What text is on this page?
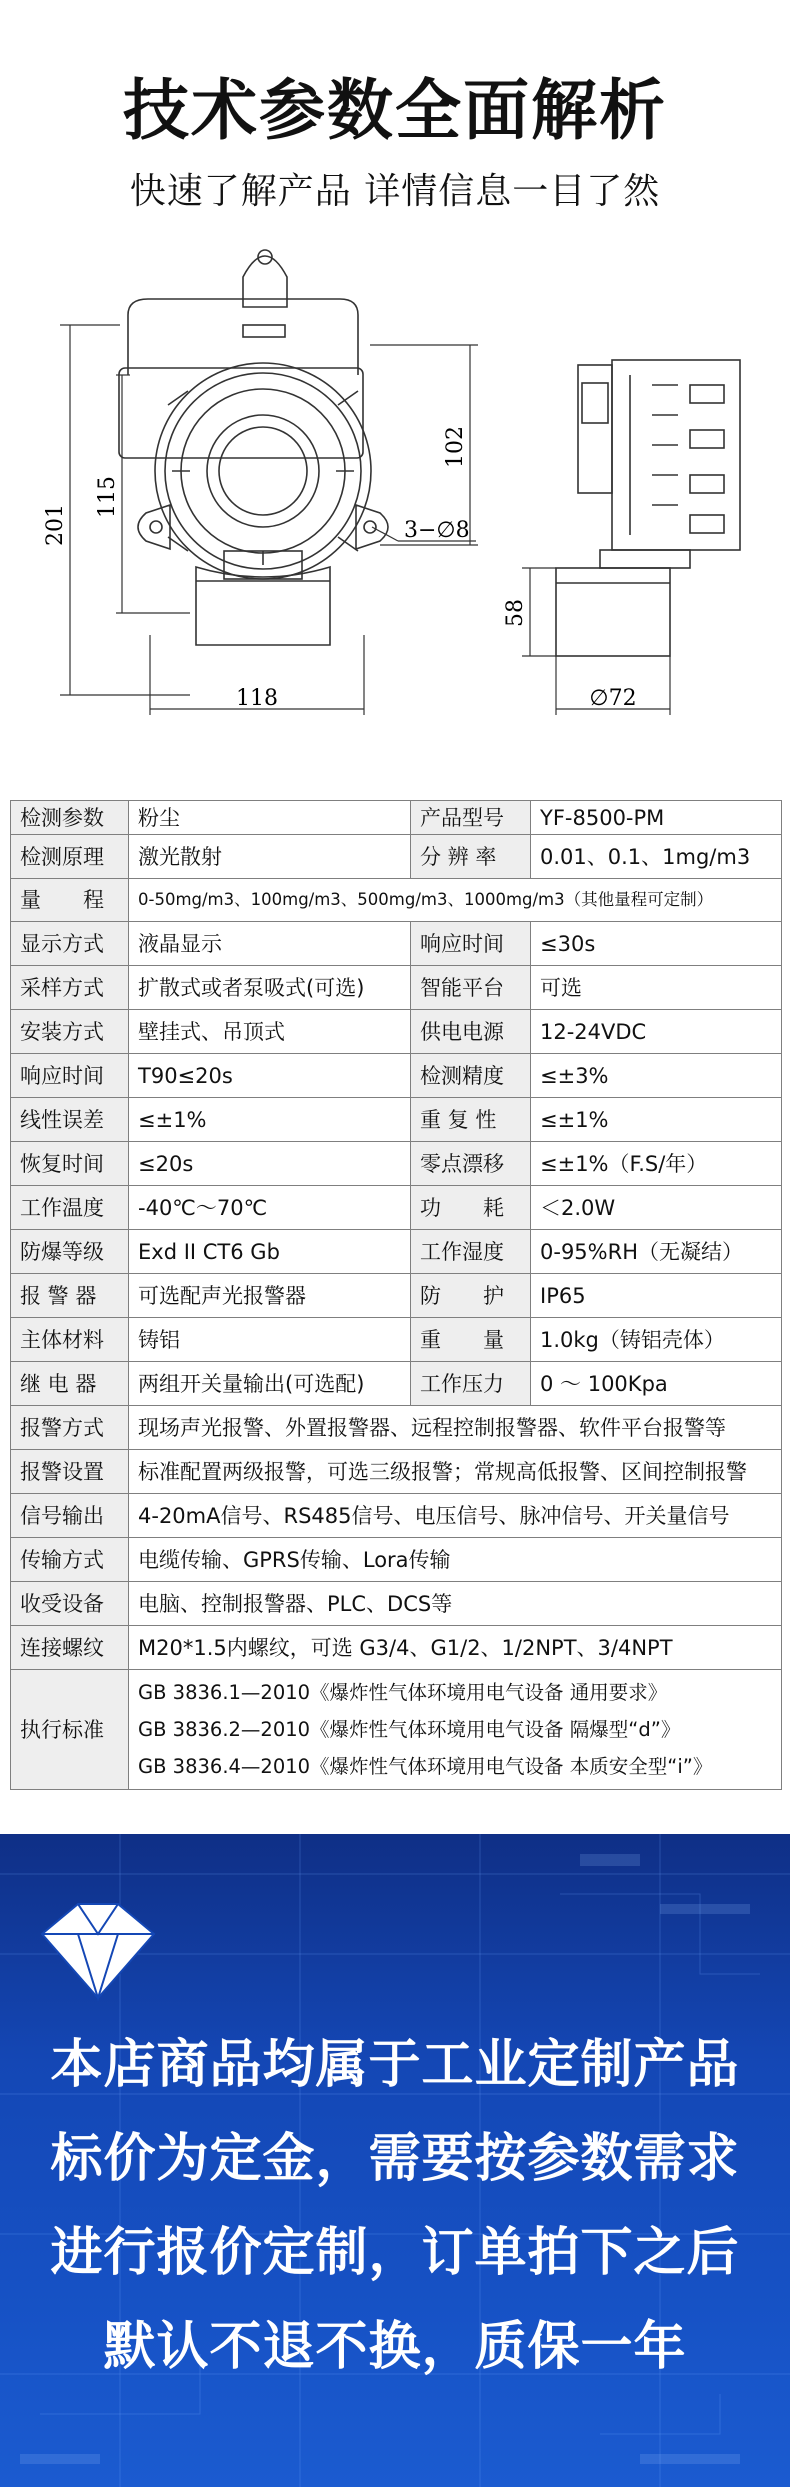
技术参数全面解析
快速了解产品 详情信息一目了然
201
115
102
118
3−∅8
58
∅72
检测参数	粉尘	产品型号	YF-8500-PM
检测原理	激光散射	分 辨 率	0.01、0.1、1mg/m3
量　　程	0-50mg/m3、100mg/m3、500mg/m3、1000mg/m3（其他量程可定制）		
显示方式	液晶显示	响应时间	≤30s
采样方式	扩散式或者泵吸式(可选)	智能平台	可选
安装方式	壁挂式、吊顶式	供电电源	12-24VDC
响应时间	T90≤20s	检测精度	≤±3%
线性误差	≤±1%	重 复 性	≤±1%
恢复时间	≤20s	零点漂移	≤±1%（F.S/年）
工作温度	-40℃～70℃	功　　耗	＜2.0W
防爆等级	Exd II CT6 Gb	工作湿度	0-95%RH（无凝结）
报 警 器	可选配声光报警器	防　　护	IP65
主体材料	铸铝	重　　量	1.0kg（铸铝壳体）
继 电 器	两组开关量输出(可选配)	工作压力	0 ～ 100Kpa
报警方式	现场声光报警、外置报警器、远程控制报警器、软件平台报警等		
报警设置	标准配置两级报警，可选三级报警；常规高低报警、区间控制报警		
信号输出	4-20mA信号、RS485信号、电压信号、脉冲信号、开关量信号		
传输方式	电缆传输、GPRS传输、Lora传输		
收受设备	电脑、控制报警器、PLC、DCS等		
连接螺纹	M20*1.5内螺纹，可选 G3/4、G1/2、1/2NPT、3/4NPT		
执行标准	GB 3836.1—2010《爆炸性气体环境用电气设备 通用要求》
GB 3836.2—2010《爆炸性气体环境用电气设备 隔爆型“d”》
GB 3836.4—2010《爆炸性气体环境用电气设备 本质安全型“i”》		

本店商品均属于工业定制产品

标价为定金，需要按参数需求

进行报价定制，订单拍下之后

默认不退不换，质保一年
